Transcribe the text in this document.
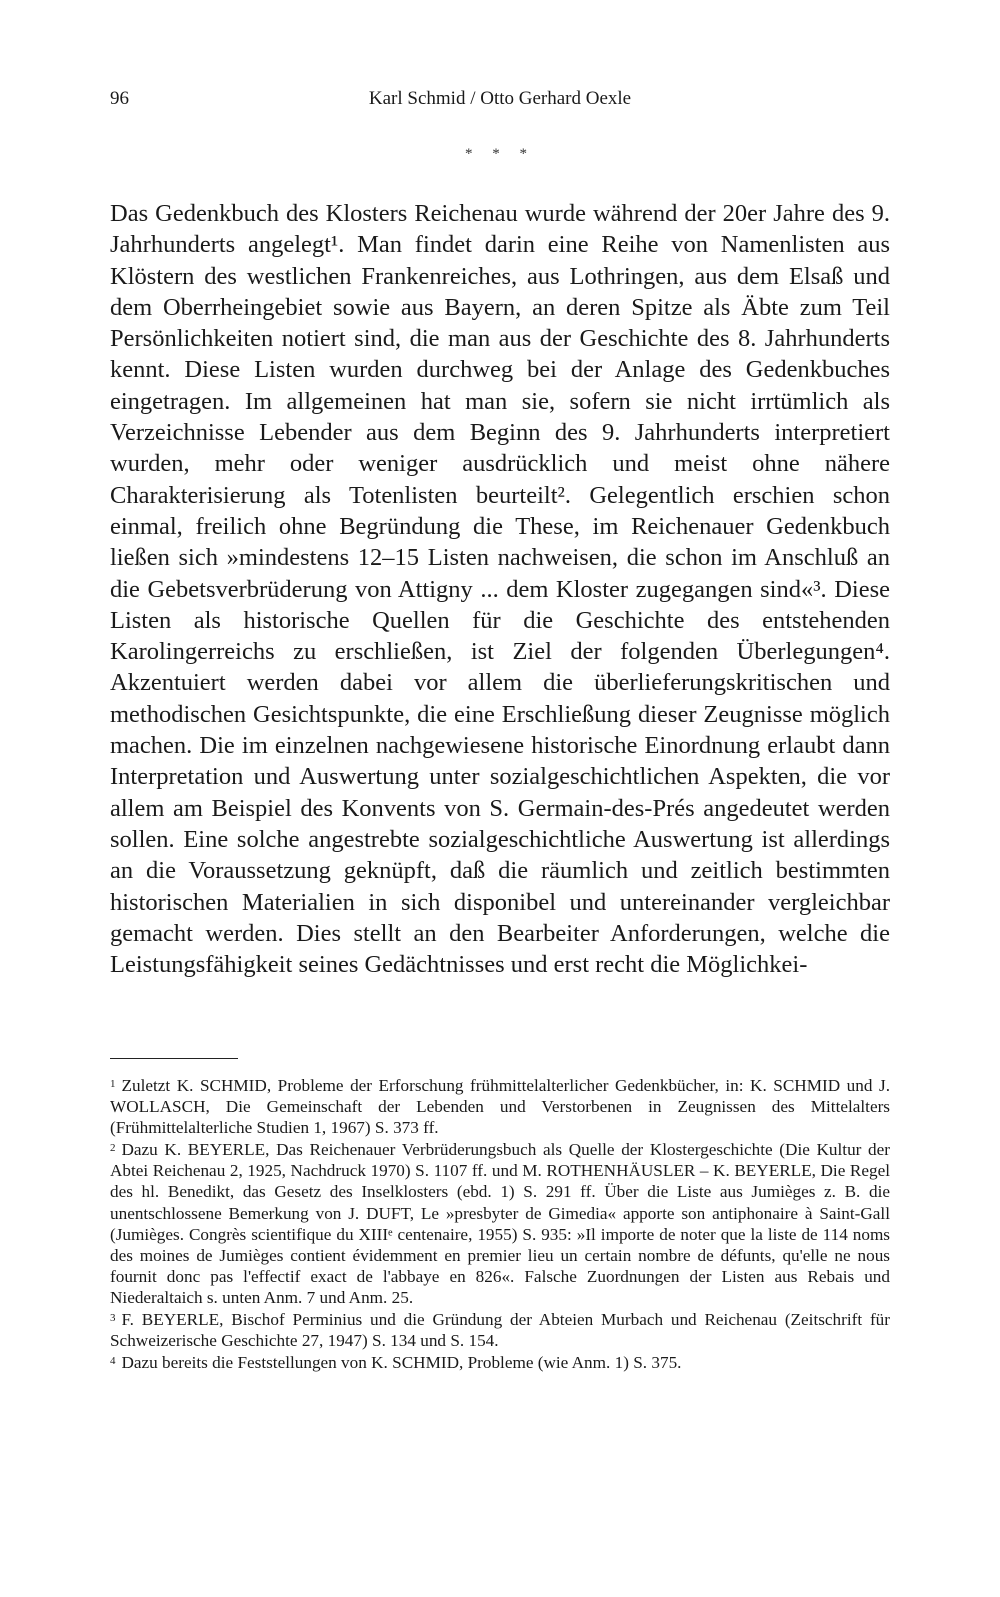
96	Karl Schmid / Otto Gerhard Oexle
* * *

Das Gedenkbuch des Klosters Reichenau wurde während der 20er Jahre des 9. Jahrhunderts angelegt¹. Man findet darin eine Reihe von Namenlisten aus Klöstern des westlichen Frankenreiches, aus Lothringen, aus dem Elsaß und dem Oberrheingebiet sowie aus Bayern, an deren Spitze als Äbte zum Teil Persönlichkeiten notiert sind, die man aus der Geschichte des 8. Jahrhunderts kennt. Diese Listen wurden durchweg bei der Anlage des Gedenkbuches eingetragen. Im allgemeinen hat man sie, sofern sie nicht irrtümlich als Verzeichnisse Lebender aus dem Beginn des 9. Jahrhunderts interpretiert wurden, mehr oder weniger ausdrücklich und meist ohne nähere Charakterisierung als Totenlisten beurteilt². Gelegentlich erschien schon einmal, freilich ohne Begründung die These, im Reichenauer Gedenkbuch ließen sich »mindestens 12–15 Listen nachweisen, die schon im Anschluß an die Gebetsverbrüderung von Attigny ... dem Kloster zugegangen sind«³. Diese Listen als historische Quellen für die Geschichte des entstehenden Karolingerreichs zu erschließen, ist Ziel der folgenden Überlegungen⁴. Akzentuiert werden dabei vor allem die überlieferungskritischen und methodischen Gesichtspunkte, die eine Erschließung dieser Zeugnisse möglich machen. Die im einzelnen nachgewiesene historische Einordnung erlaubt dann Interpretation und Auswertung unter sozialgeschichtlichen Aspekten, die vor allem am Beispiel des Konvents von S. Germain-des-Prés angedeutet werden sollen. Eine solche angestrebte sozialgeschichtliche Auswertung ist allerdings an die Voraussetzung geknüpft, daß die räumlich und zeitlich bestimmten historischen Materialien in sich disponibel und untereinander vergleichbar gemacht werden. Dies stellt an den Bearbeiter Anforderungen, welche die Leistungsfähigkeit seines Gedächtnisses und erst recht die Möglichkei-

$^1$ Zuletzt K. SCHMID, Probleme der Erforschung frühmittelalterlicher Gedenkbücher, in: K. SCHMID und J. WOLLASCH, Die Gemeinschaft der Lebenden und Verstorbenen in Zeugnissen des Mittelalters (Frühmittelalterliche Studien 1, 1967) S. 373 ff.

$^2$ Dazu K. BEYERLE, Das Reichenauer Verbrüderungsbuch als Quelle der Klostergeschichte (Die Kultur der Abtei Reichenau 2, 1925, Nachdruck 1970) S. 1107 ff. und M. ROTHENHÄUSLER – K. BEYERLE, Die Regel des hl. Benedikt, das Gesetz des Inselklosters (ebd. 1) S. 291 ff. Über die Liste aus Jumièges z. B. die unentschlossene Bemerkung von J. DUFT, Le »presbyter de Gimedia« apporte son antiphonaire à Saint-Gall (Jumièges. Congrès scientifique du XIIIᵉ centenaire, 1955) S. 935: »Il importe de noter que la liste de 114 noms des moines de Jumièges contient évidemment en premier lieu un certain nombre de défunts, qu'elle ne nous fournit donc pas l'effectif exact de l'abbaye en 826«. Falsche Zuordnungen der Listen aus Rebais und Niederaltaich s. unten Anm. 7 und Anm. 25.

$^3$ F. BEYERLE, Bischof Perminius und die Gründung der Abteien Murbach und Reichenau (Zeitschrift für Schweizerische Geschichte 27, 1947) S. 134 und S. 154.

$^4$ Dazu bereits die Feststellungen von K. SCHMID, Probleme (wie Anm. 1) S. 375.
